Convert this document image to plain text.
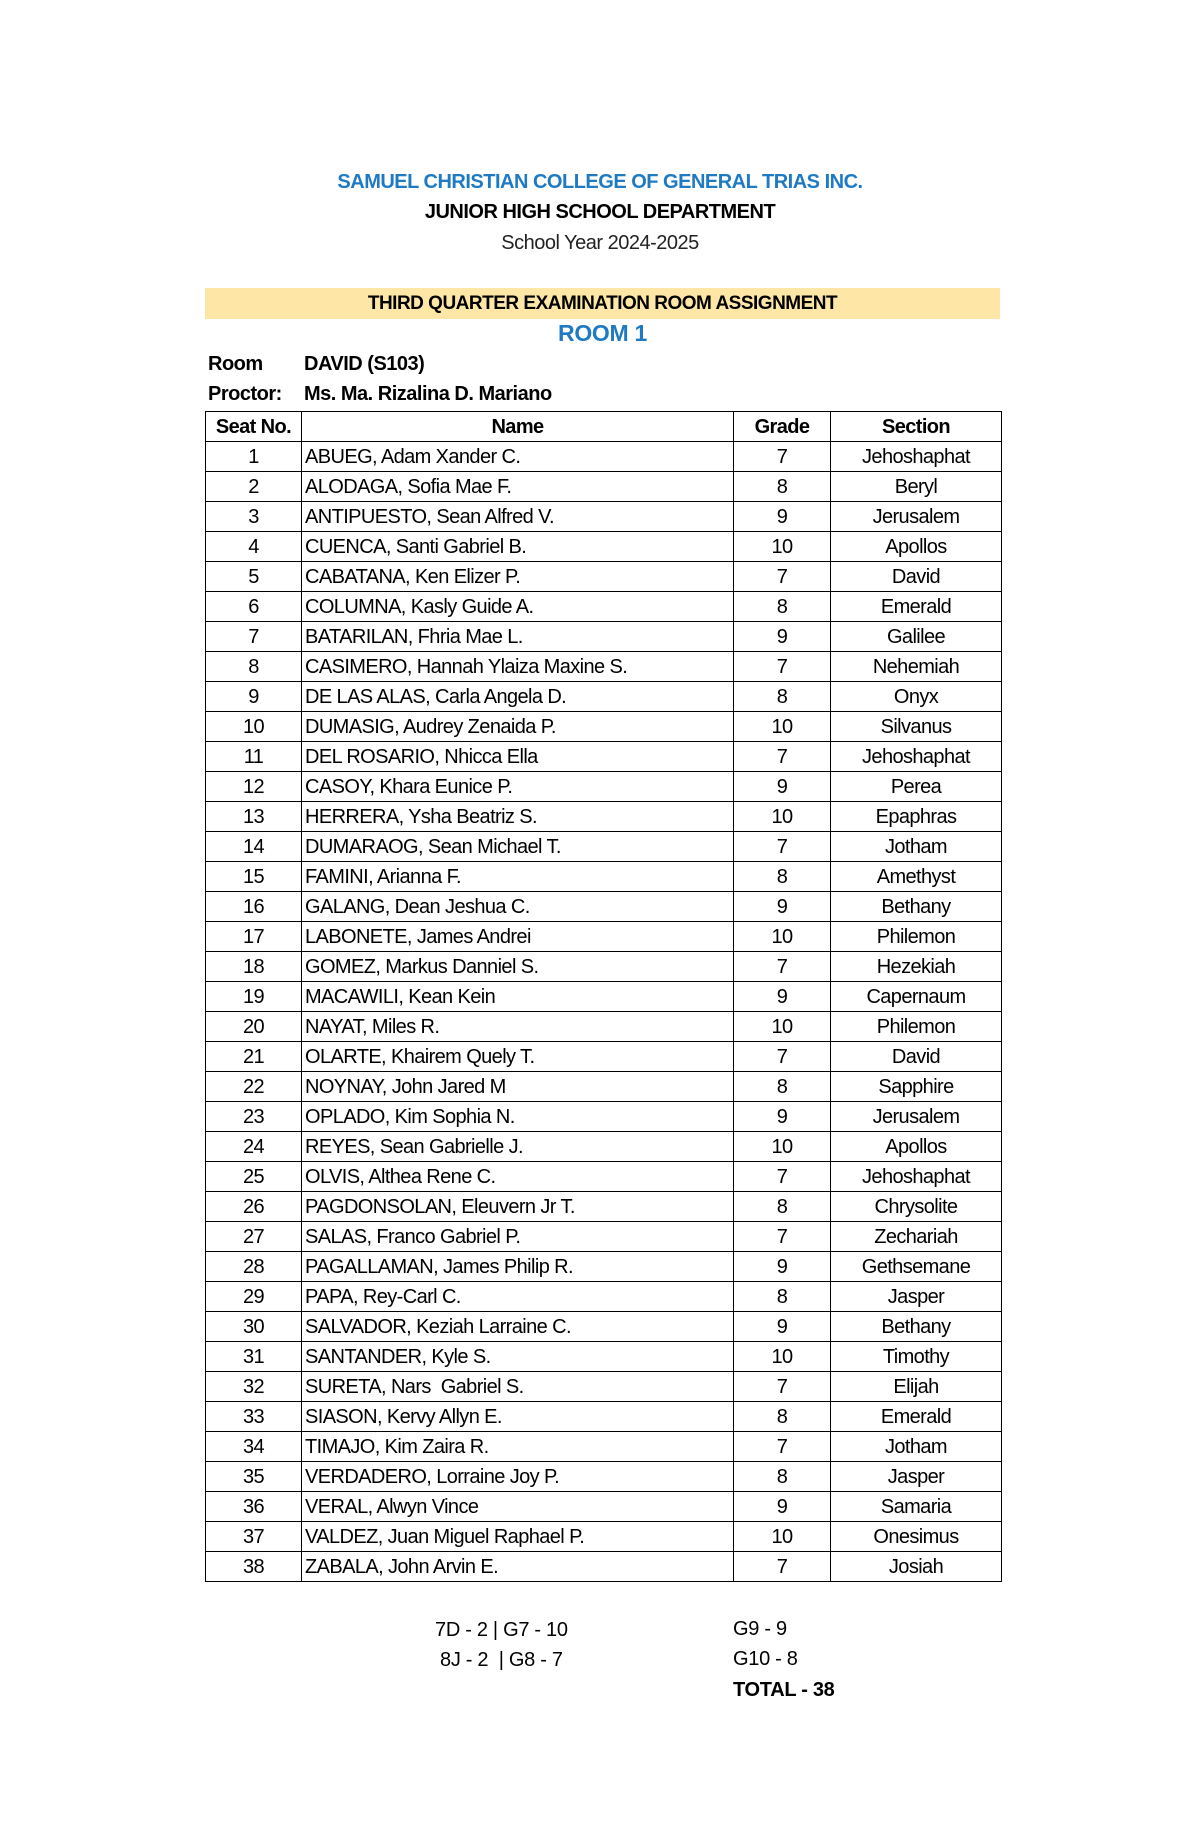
SAMUEL CHRISTIAN COLLEGE OF GENERAL TRIAS INC.
JUNIOR HIGH SCHOOL DEPARTMENT
School Year 2024-2025
THIRD QUARTER EXAMINATION ROOM ASSIGNMENT
ROOM 1
Room DAVID (S103)
Proctor: Ms. Ma. Rizalina D. Mariano
Seat No.	Name	Grade	Section
1	ABUEG, Adam Xander C.	7	Jehoshaphat
2	ALODAGA, Sofia Mae F.	8	Beryl
3	ANTIPUESTO, Sean Alfred V.	9	Jerusalem
4	CUENCA, Santi Gabriel B.	10	Apollos
5	CABATANA, Ken Elizer P.	7	David
6	COLUMNA, Kasly Guide A.	8	Emerald
7	BATARILAN, Fhria Mae L.	9	Galilee
8	CASIMERO, Hannah Ylaiza Maxine S.	7	Nehemiah
9	DE LAS ALAS, Carla Angela D.	8	Onyx
10	DUMASIG, Audrey Zenaida P.	10	Silvanus
11	DEL ROSARIO, Nhicca Ella	7	Jehoshaphat
12	CASOY, Khara Eunice P.	9	Perea
13	HERRERA, Ysha Beatriz S.	10	Epaphras
14	DUMARAOG, Sean Michael T.	7	Jotham
15	FAMINI, Arianna F.	8	Amethyst
16	GALANG, Dean Jeshua C.	9	Bethany
17	LABONETE, James Andrei	10	Philemon
18	GOMEZ, Markus Danniel S.	7	Hezekiah
19	MACAWILI, Kean Kein	9	Capernaum
20	NAYAT, Miles R.	10	Philemon
21	OLARTE, Khairem Quely T.	7	David
22	NOYNAY, John Jared M	8	Sapphire
23	OPLADO, Kim Sophia N.	9	Jerusalem
24	REYES, Sean Gabrielle J.	10	Apollos
25	OLVIS, Althea Rene C.	7	Jehoshaphat
26	PAGDONSOLAN, Eleuvern Jr T.	8	Chrysolite
27	SALAS, Franco Gabriel P.	7	Zechariah
28	PAGALLAMAN, James Philip R.	9	Gethsemane
29	PAPA, Rey-Carl C.	8	Jasper
30	SALVADOR, Keziah Larraine C.	9	Bethany
31	SANTANDER, Kyle S.	10	Timothy
32	SURETA, Nars  Gabriel S.	7	Elijah
33	SIASON, Kervy Allyn E.	8	Emerald
34	TIMAJO, Kim Zaira R.	7	Jotham
35	VERDADERO, Lorraine Joy P.	8	Jasper
36	VERAL, Alwyn Vince	9	Samaria
37	VALDEZ, Juan Miguel Raphael P.	10	Onesimus
38	ZABALA, John Arvin E.	7	Josiah
7D - 2 | G7 - 10
8J - 2  | G8 - 7
G9 - 9
G10 - 8
TOTAL - 38
